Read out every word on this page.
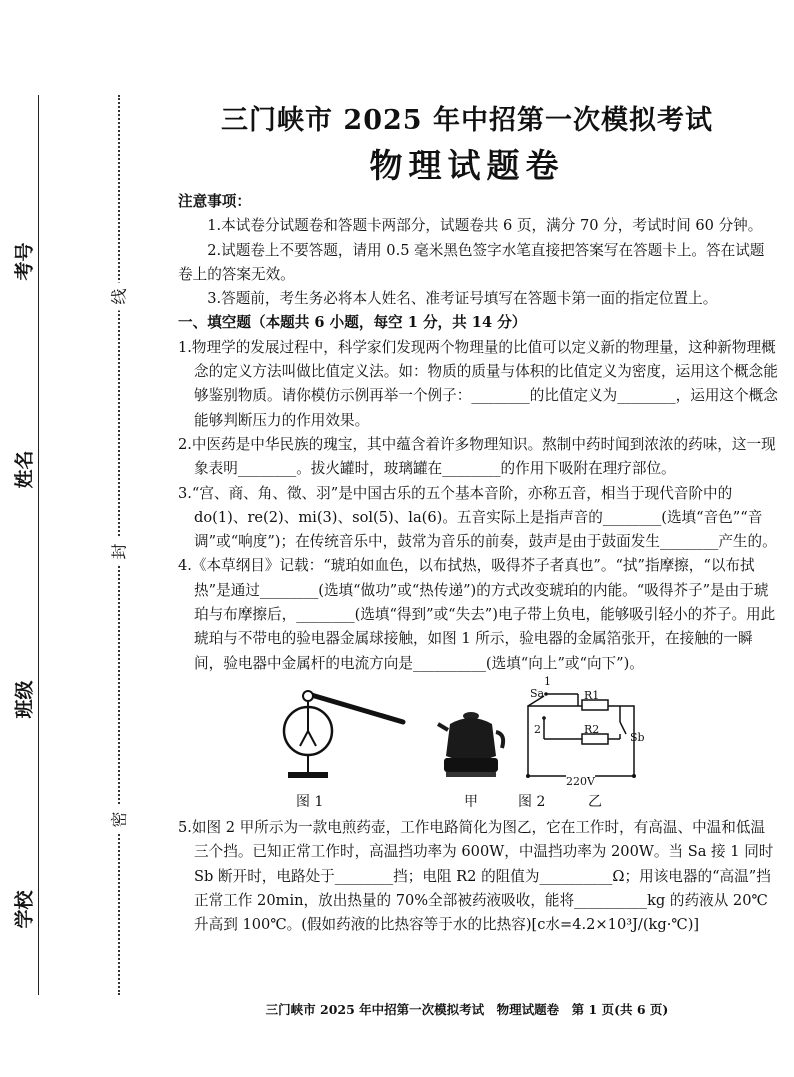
考号
姓名
班级
学校
线
封
密
三门峡市 2025 年中招第一次模拟考试
物理试题卷

注意事项：

1.本试卷分试题卷和答题卡两部分，试题卷共 6 页，满分 70 分，考试时间 60 分钟。

2.试题卷上不要答题，请用 0.5 毫米黑色签字水笔直接把答案写在答题卡上。答在试题卷上的答案无效。

3.答题前，考生务必将本人姓名、准考证号填写在答题卡第一面的指定位置上。

一、填空题（本题共 6 小题，每空 1 分，共 14 分）

1.物理学的发展过程中，科学家们发现两个物理量的比值可以定义新的物理量，这种新物理概念的定义方法叫做比值定义法。如：物质的质量与体积的比值定义为密度，运用这个概念能够鉴别物质。请你模仿示例再举一个例子：________的比值定义为________，运用这个概念能够判断压力的作用效果。

2.中医药是中华民族的瑰宝，其中蕴含着许多物理知识。熬制中药时闻到浓浓的药味，这一现象表明________。拔火罐时，玻璃罐在________的作用下吸附在理疗部位。

3.“宫、商、角、徵、羽”是中国古乐的五个基本音阶，亦称五音，相当于现代音阶中的 do(1)、re(2)、mi(3)、sol(5)、la(6)。五音实际上是指声音的________(选填“音色”“音调”或“响度”)；在传统音乐中，鼓常为音乐的前奏，鼓声是由于鼓面发生________产生的。

4.《本草纲目》记载：“琥珀如血色，以布拭热，吸得芥子者真也”。“拭”指摩擦，“以布拭热”是通过________(选填“做功”或“热传递”)的方式改变琥珀的内能。“吸得芥子”是由于琥珀与布摩擦后，________(选填“得到”或“失去”)电子带上负电，能够吸引轻小的芥子。用此琥珀与不带电的验电器金属球接触，如图 1 所示，验电器的金属箔张开，在接触的一瞬间，验电器中金属杆的电流方向是__________(选填“向上”或“向下”)。

Sa
1
2
R1
R2
Sb
220V
图 1	甲	图 2	乙

5.如图 2 甲所示为一款电煎药壶，工作电路简化为图乙，它在工作时，有高温、中温和低温三个挡。已知正常工作时，高温挡功率为 600W，中温挡功率为 200W。当 Sa 接 1 同时 Sb 断开时，电路处于________挡；电阻 R2 的阻值为__________Ω；用该电器的“高温”挡正常工作 20min，放出热量的 70%全部被药液吸收，能将__________kg 的药液从 20℃升高到 100℃。(假如药液的比热容等于水的比热容)[c水=4.2×10³J/(kg·℃)]

三门峡市 2025 年中招第一次模拟考试　物理试题卷　第 1 页(共 6 页)
